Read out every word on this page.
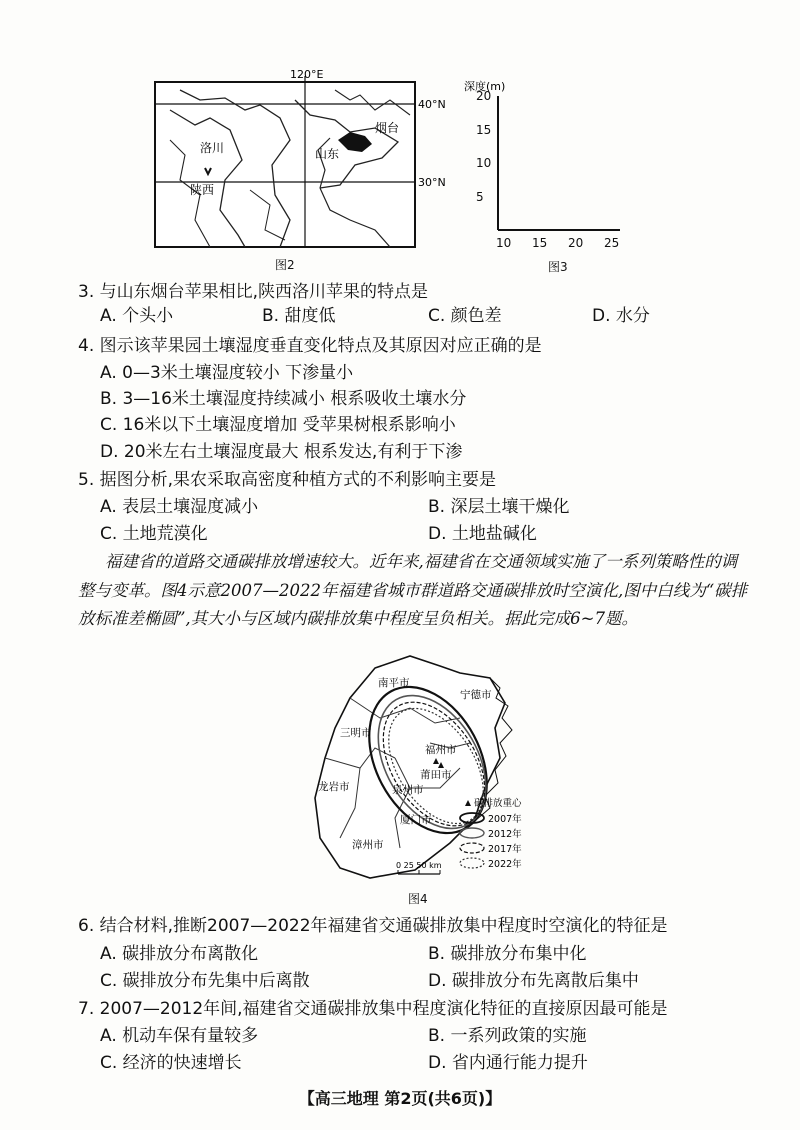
120°E
40°N
30°N
洛川
陕西
山东
烟台
图2
深度(m)
20
15
10
5
10 15 20 25
图3
3. 与山东烟台苹果相比,陕西洛川苹果的特点是
A. 个头小	B. 甜度低	C. 颜色差	D. 水分
4. 图示该苹果园土壤湿度垂直变化特点及其原因对应正确的是
A. 0—3米土壤湿度较小 下渗量小
B. 3—16米土壤湿度持续减小 根系吸收土壤水分
C. 16米以下土壤湿度增加 受苹果树根系影响小
D. 20米左右土壤湿度最大 根系发达,有利于下渗
5. 据图分析,果农采取高密度种植方式的不利影响主要是
A. 表层土壤湿度减小	B. 深层土壤干燥化
C. 土地荒漠化	D. 土地盐碱化
福建省的道路交通碳排放增速较大。近年来,福建省在交通领域实施了一系列策略性的调
整与变革。图4示意2007—2022年福建省城市群道路交通碳排放时空演化,图中白线为“碳排
放标准差椭圆”,其大小与区域内碳排放集中程度呈负相关。据此完成6~7题。
南平市
宁德市
三明市
福州市
莆田市
龙岩市	泉州市
厦门市
漳州市
0 25 50 km
碳排放重心
2007年
2012年
2017年
2022年
图4
6. 结合材料,推断2007—2022年福建省交通碳排放集中程度时空演化的特征是
A. 碳排放分布离散化	B. 碳排放分布集中化
C. 碳排放分布先集中后离散	D. 碳排放分布先离散后集中
7. 2007—2012年间,福建省交通碳排放集中程度演化特征的直接原因最可能是
A. 机动车保有量较多	B. 一系列政策的实施
C. 经济的快速增长	D. 省内通行能力提升
【高三地理 第2页(共6页)】
